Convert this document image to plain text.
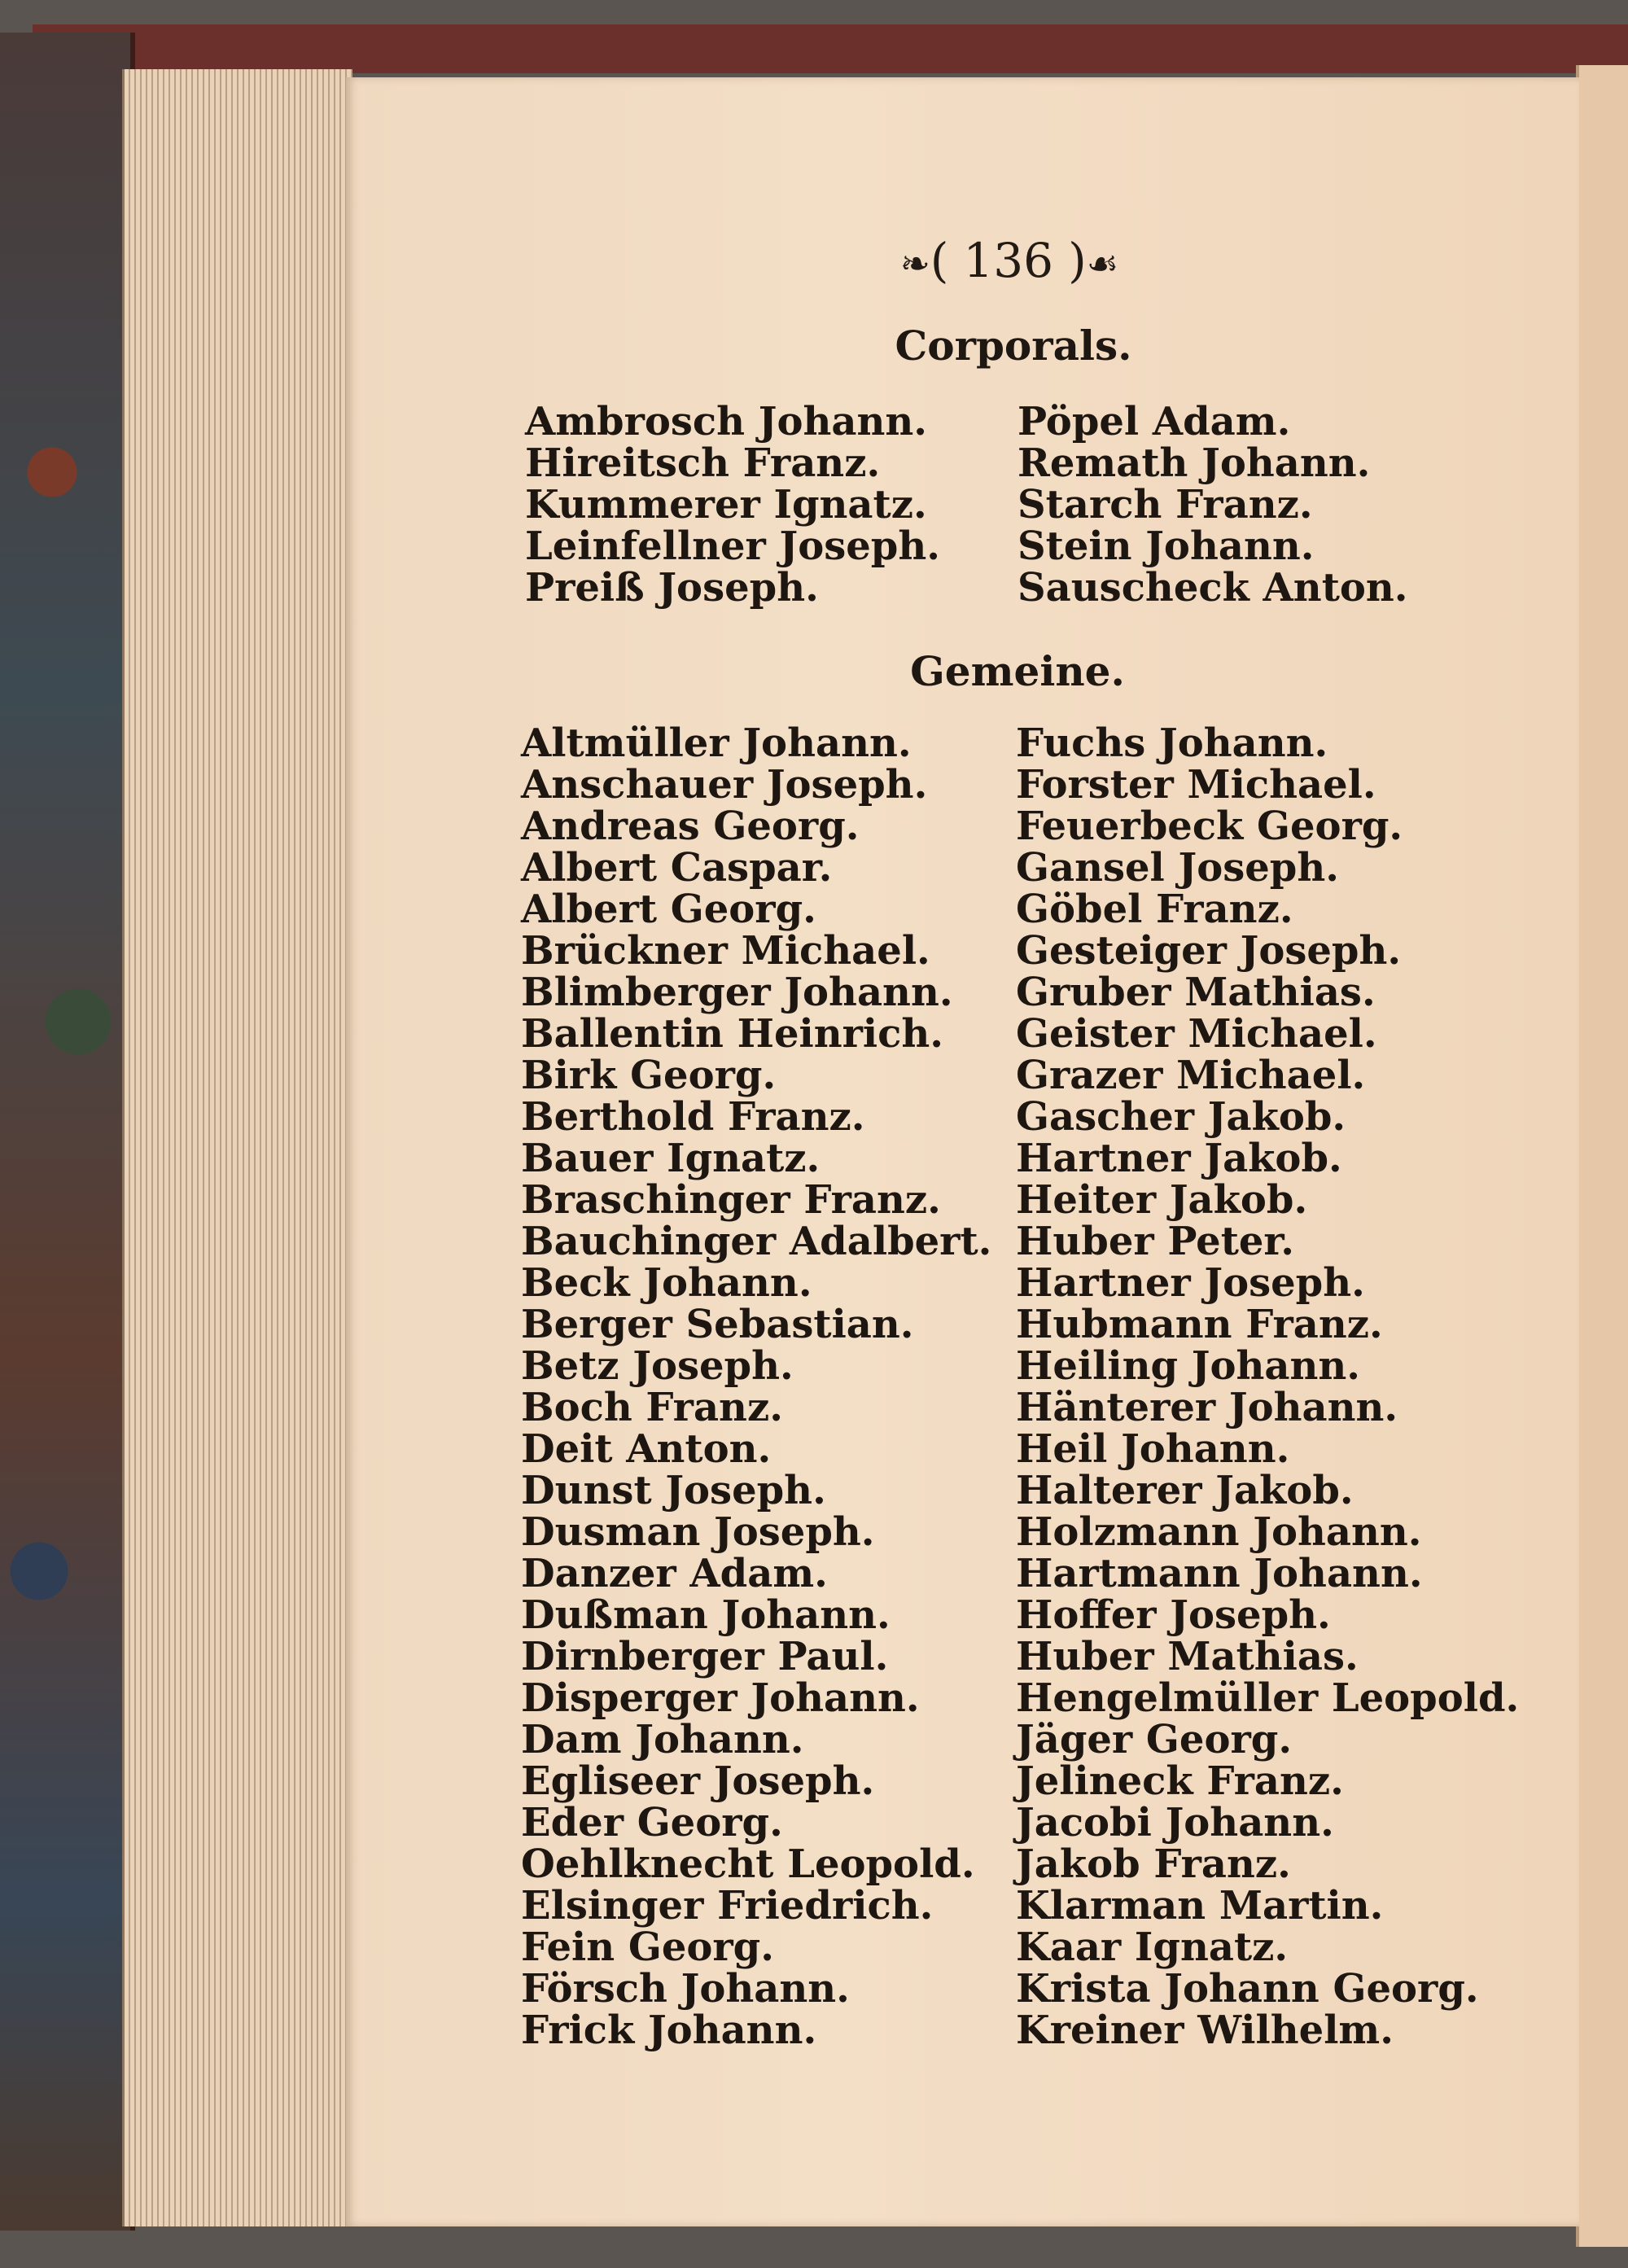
❧( 136 )☙
Corporals.
Ambrosch Johann.
Hireitsch Franz.
Kummerer Ignatz.
Leinfellner Joseph.
Preiß Joseph.
Pöpel Adam.
Remath Johann.
Starch Franz.
Stein Johann.
Sauscheck Anton.
Gemeine.
Altmüller Johann.
Anschauer Joseph.
Andreas Georg.
Albert Caspar.
Albert Georg.
Brückner Michael.
Blimberger Johann.
Ballentin Heinrich.
Birk Georg.
Berthold Franz.
Bauer Ignatz.
Braschinger Franz.
Bauchinger Adalbert.
Beck Johann.
Berger Sebastian.
Betz Joseph.
Boch Franz.
Deit Anton.
Dunst Joseph.
Dusman Joseph.
Danzer Adam.
Dußman Johann.
Dirnberger Paul.
Disperger Johann.
Dam Johann.
Egliseer Joseph.
Eder Georg.
Oehlknecht Leopold.
Elsinger Friedrich.
Fein Georg.
Försch Johann.
Frick Johann.
Fuchs Johann.
Forster Michael.
Feuerbeck Georg.
Gansel Joseph.
Göbel Franz.
Gesteiger Joseph.
Gruber Mathias.
Geister Michael.
Grazer Michael.
Gascher Jakob.
Hartner Jakob.
Heiter Jakob.
Huber Peter.
Hartner Joseph.
Hubmann Franz.
Heiling Johann.
Hänterer Johann.
Heil Johann.
Halterer Jakob.
Holzmann Johann.
Hartmann Johann.
Hoffer Joseph.
Huber Mathias.
Hengelmüller Leopold.
Jäger Georg.
Jelineck Franz.
Jacobi Johann.
Jakob Franz.
Klarman Martin.
Kaar Ignatz.
Krista Johann Georg.
Kreiner Wilhelm.
